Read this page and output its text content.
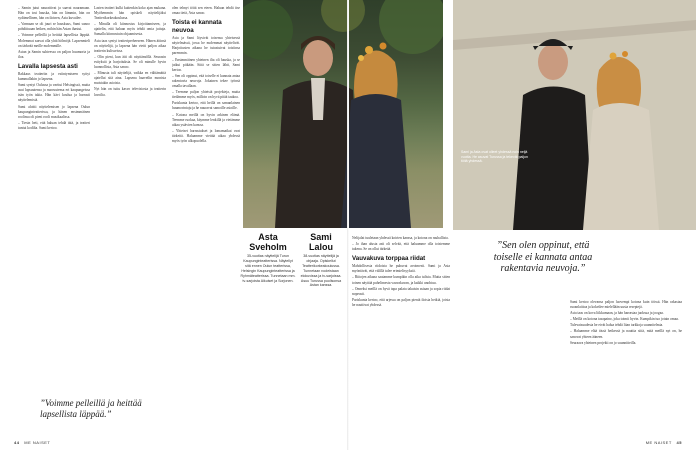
– Samin jutut naurattivat ja saavat nauramaan. Hän on tosi hauska, hän on lämmin, hän on sydämellinen, hän on iloinen, Asta kuvailee.

– Varmaan se oli juuri se hauskuus, Sami sanoo pohdittuaan hetken, mihin hän Astan ihastui.

– Voimme pelleillä ja heittää lapsellista läppää. Molemmat saavat olla yhtä hölmöjä. Lapsenmieli on tärkeää meille molemmille.

Astan ja Samin suhteessa on paljon huumoria ja iloa.

Lavalla lapsesta asti

Rakkaus teatteriin ja esiintymiseen syttyi kummallakin jo lapsena.

Sami syntyi Oulussa ja varttui Helsingissä, mutta asui lapsuutensa ja nuoruutensa eri kaupungeissa isän työn takia. Hän kävi koulua ja harrasti näyttelemistä.

Sami aloitti näyttelemisen jo lapsena Oulun kaupunginteatterissa, ja hänen ensimmäinen roolinsa oli pieni rooli musikaalissa.

– Tiesin heti, että haluan tehdä tätä, ja teatteri tuntui kodilta. Sami kertoo.

Lasten teatteri kulki kuitenkin koko ajan mukana. Myöhemmin hän opiskeli näyttelijäksi Teatterikorkeakoulussa.

– Minulla oli kiinnostus kirjoittamiseen, ja ajattelin, että haluan myös tehdä omia juttuja. Samalla kiinnostuin ohjaamisesta.

Asta taas syntyi teatteriperheeseen. Hänen äitinsä on näyttelijä, ja lapsena hän vietti paljon aikaa teatterin kulisseissa.

– Olin pieni, kun äiti oli näyttämöllä. Seurasin esityksiä ja harjoituksia. Se oli minulle hyvin luonnollista, Asta sanoo.

– Minusta tuli näyttelijä, vaikka en välttämättä ajatellut sitä aina. Lapsena haaveilin monista muistakin asioista.

Nyt hän on tuttu kasvo televisiosta ja teatterin lavoilta.

olen tehnyt töitä sen eteen. Haluan tehdä itse omaa tietä, Asta sanoo.

Toista ei kannata neuvoa

Asta ja Sami löysivät toisensa yhteisessä näytelmässä, jossa he molemmat näyttelivät. Harjoitusten aikana he tutustuivat toisiinsa paremmin.

– Ensimmäinen yhteinen ilta oli hauska, ja se jatkui pitkään. Siitä se sitten lähti, Sami kertoo.

– Sen oli oppinut, että toiselle ei kannata antaa rakentavia neuvoja. Jokainen tekee työnsä omalla tavallaan.

– Teemme paljon yhteisiä projekteja, mutta tiedämme myös, milloin on hyvä pitää taukoa.

Pariskunta kertoo, että heillä on samanlainen huumorintaju ja he nauravat samoille asioille.

– Kotona meillä on hyvin arkinen elämä. Teemme ruokaa, käymme lenkillä ja vietämme aikaa ystävien kanssa.

– Yhteiset harrastukset ja lomamatkat ovat tärkeitä. Haluamme viettää aikaa yhdessä myös työn ulkopuolella.

”Voimme pelleillä ja heittää lapsellista läppää.”
44 ME NAISET
Asta Sveholm
35-vuotias näyttelijä Turun Kaupunginteatterissa. Näytellyt sitä ennen Oulun teatterissa, Helsingin Kaupunginteatterissa ja Ryhmäteatterissa. Tunnetaan mm. tv-sarjoista Aikuiset ja Sorjonen.
Sami Lalou
38-vuotias näyttelijä ja ohjaaja. Opiskellut Teatterikorkeakoulussa. Tunnetaan rooleistaan elokuvissa ja tv-sarjoissa. Asuu Turussa puolisonsa Astan kanssa.
Sami ja Asta ovat olleet yhdessä noin neljä vuotta. He asuvat Turussa ja tekevät paljon töitä yhdessä.

Nelijalat tuuletaan yhdessä koirien kanssa, ja kotona on rauhallista.

– Jo ihan alusta asti oli selvää, että haluamme olla toistemme tukena. Se on ollut tärkeää.

Vauvakuva torppaa riidat

Mahdollisesta riidoista he puhuvat avoimesti. Sami ja Asta myöntävät, että välillä tulee erimielisyyksiä.

– Riitojen aikana saatamme kumpikin olla aika tulisia. Mutta sitten toinen näyttää puhelimesta vauvakuvan, ja kaikki unohtuu.

– Onneksi meillä on hyvä tapa palata takaisin asiaan ja sopia riidat nopeasti.

Pariskunta kertoo, että arjessa on paljon pieniä iloisia hetkiä, joista he nauttivat yhdessä.

”Sen olen oppinut, että toiselle ei kannata antaa rakentavia neuvoja.”

Sami kertoo olevansa paljon luovempi kotona kuin töissä. Hän rakastaa ruoanlaittoa ja kokeilee mielellään uusia reseptejä.

Asta taas on kova liikkumaan, ja hän harrastaa juoksua ja joogaa.

– Meillä on kotona tasapaino, joka toimii hyvin. Kumpikin tuo jotain omaa.

Tulevaisuudesta he eivät halua tehdä liian tarkkoja suunnitelmia.

– Haluamme elää tässä hetkessä ja nauttia siitä, mitä meillä nyt on, he sanovat yhteen ääneen.

Seuraava yhteinen projekti on jo suunnitteilla.

ME NAISET 45
